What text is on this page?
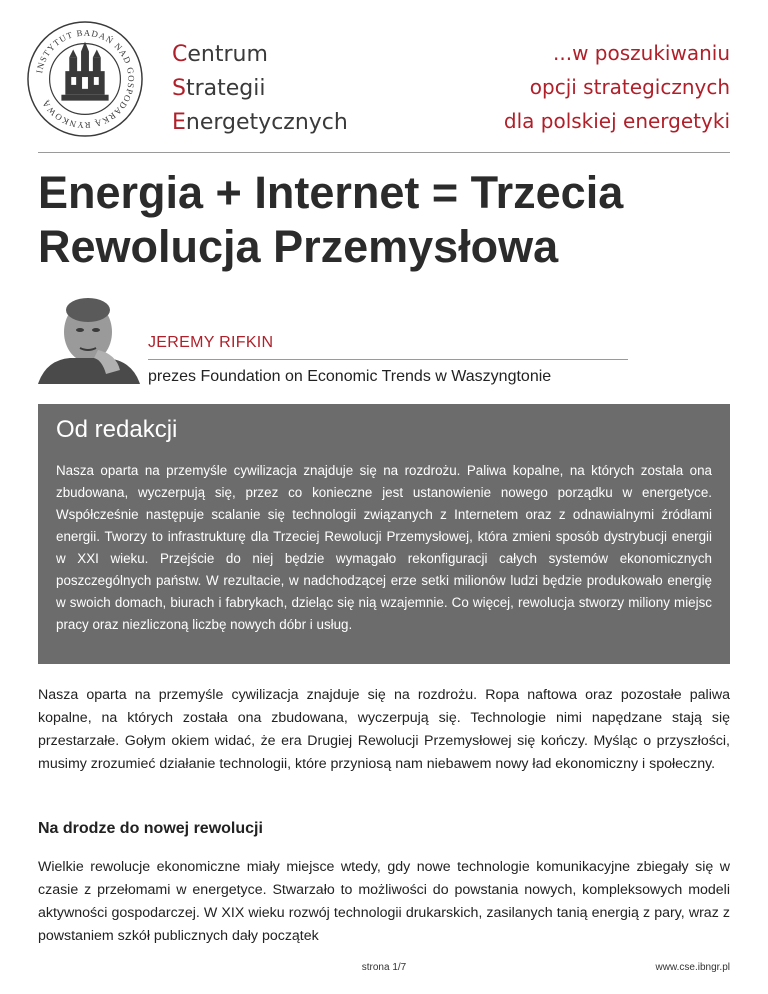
INSTYTUT BADAŃ NAD GOSPODARKĄ RYNKOWĄ
Centrum
Strategii
Energetycznych
...w poszukiwaniu
opcji strategicznych
dla polskiej energetyki
Energia + Internet = Trzecia
Rewolucja Przemysłowa
JEREMY RIFKIN
prezes Foundation on Economic Trends w Waszyngtonie
Od redakcji

Nasza oparta na przemyśle cywilizacja znajduje się na rozdrożu. Paliwa kopalne, na których została ona zbudowana, wyczerpują się, przez co konieczne jest ustanowienie nowego porządku w energetyce. Współcześnie następuje scalanie się technologii związanych z Internetem oraz z odnawialnymi źródłami energii. Tworzy to infrastrukturę dla Trzeciej Rewolucji Przemysłowej, która zmieni sposób dystrybucji energii w XXI wieku. Przejście do niej będzie wymagało rekonfiguracji całych systemów ekonomicznych poszczególnych państw. W rezultacie, w nadchodzącej erze setki milionów ludzi będzie produkowało energię w swoich domach, biurach i fabrykach, dzieląc się nią wzajemnie. Co więcej, rewolucja stworzy miliony miejsc pracy oraz niezliczoną liczbę nowych dóbr i usług.

Nasza oparta na przemyśle cywilizacja znajduje się na rozdrożu. Ropa naftowa oraz pozostałe paliwa kopalne, na których została ona zbudowana, wyczerpują się. Technologie nimi napędzane stają się przestarzałe. Gołym okiem widać, że era Drugiej Rewolucji Przemysłowej się kończy. Myśląc o przyszłości, musimy zrozumieć działanie technologii, które przyniosą nam niebawem nowy ład ekonomiczny i społeczny.

Na drodze do nowej rewolucji

Wielkie rewolucje ekonomiczne miały miejsce wtedy, gdy nowe technologie komunikacyjne zbiegały się w czasie z przełomami w energetyce. Stwarzało to możliwości do powstania nowych, kompleksowych modeli aktywności gospodarczej. W XIX wieku rozwój technologii drukarskich, zasilanych tanią energią z pary, wraz z powstaniem szkół publicznych dały początek

strona 1/7	www.cse.ibngr.pl
